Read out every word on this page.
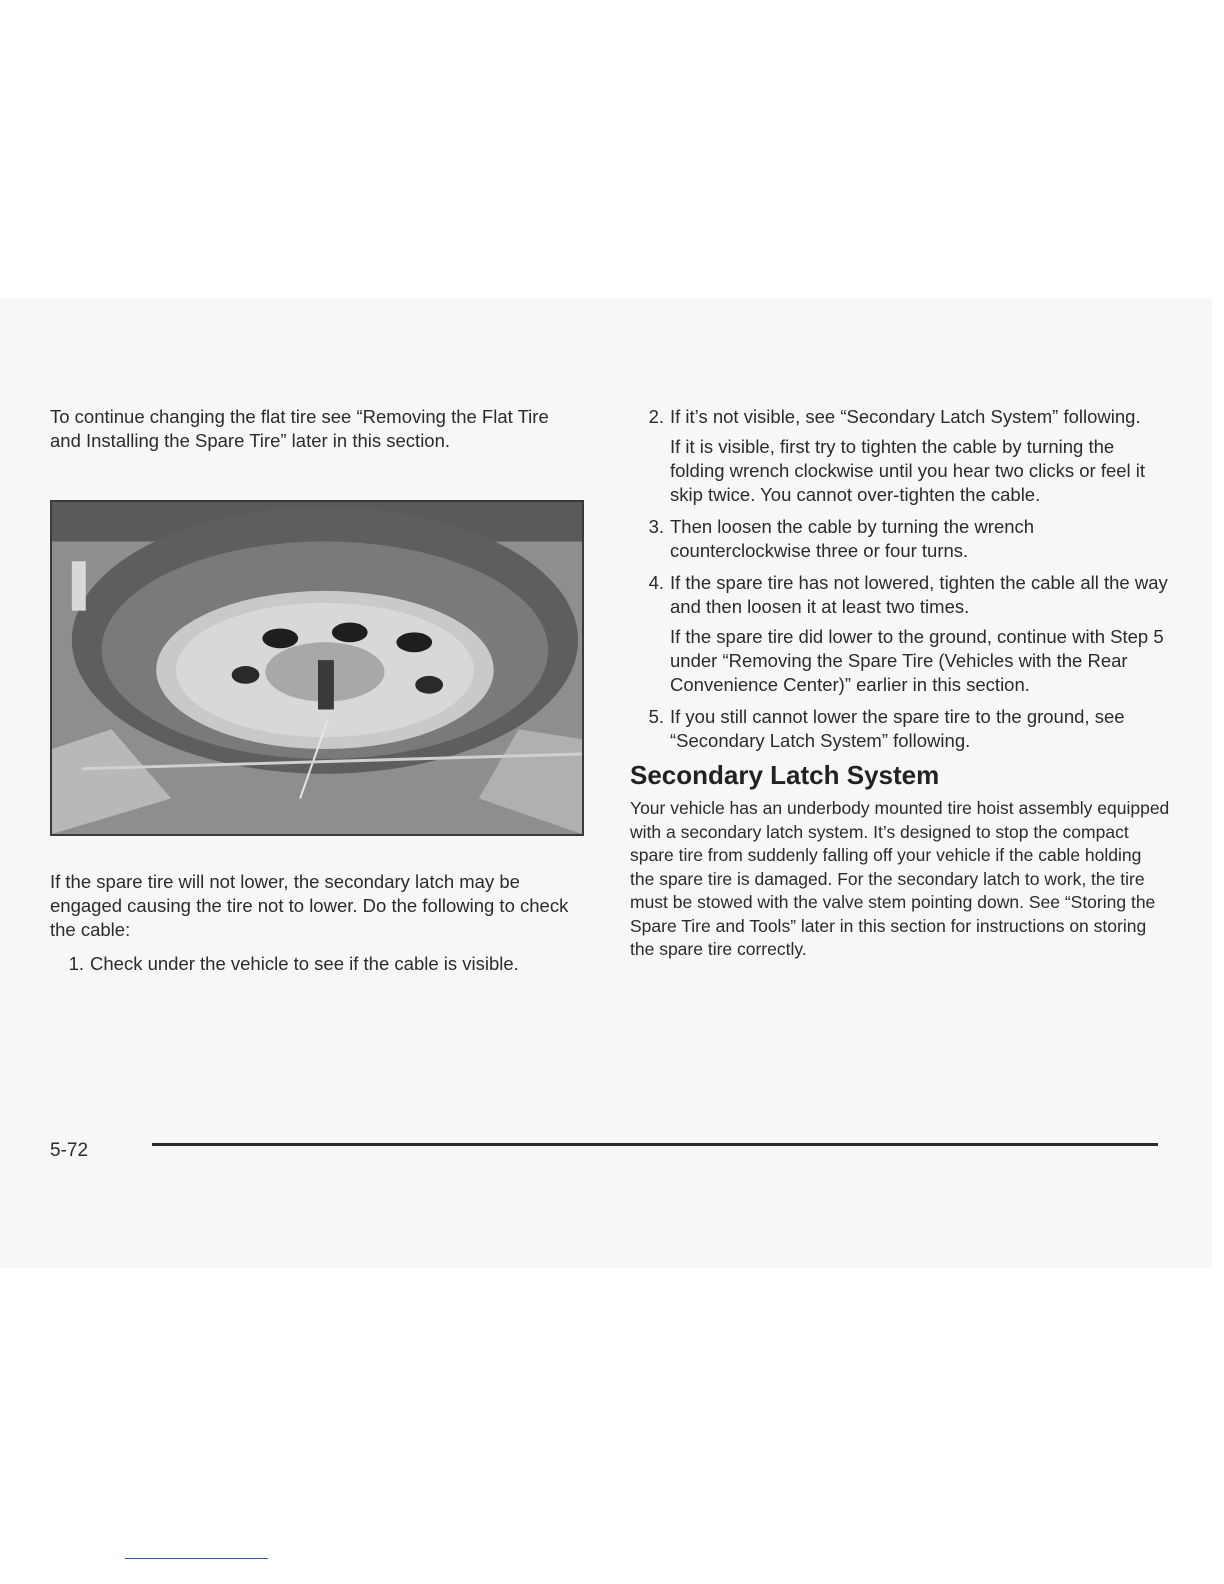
To continue changing the flat tire see “Removing the Flat Tire and Installing the Spare Tire” later in this section.

If the spare tire will not lower, the secondary latch may be engaged causing the tire not to lower. Do the following to check the cable:

1. Check under the vehicle to see if the cable is visible.
2. If it’s not visible, see “Secondary Latch System” following.

If it is visible, first try to tighten the cable by turning the folding wrench clockwise until you hear two clicks or feel it skip twice. You cannot over-tighten the cable.

3. Then loosen the cable by turning the wrench counterclockwise three or four turns.
4. If the spare tire has not lowered, tighten the cable all the way and then loosen it at least two times.

If the spare tire did lower to the ground, continue with Step 5 under “Removing the Spare Tire (Vehicles with the Rear Convenience Center)” earlier in this section.

5. If you still cannot lower the spare tire to the ground, see “Secondary Latch System” following.
Secondary Latch System

Your vehicle has an underbody mounted tire hoist assembly equipped with a secondary latch system. It’s designed to stop the compact spare tire from suddenly falling off your vehicle if the cable holding the spare tire is damaged. For the secondary latch to work, the tire must be stowed with the valve stem pointing down. See “Storing the Spare Tire and Tools” later in this section for instructions on storing the spare tire correctly.

5-72
